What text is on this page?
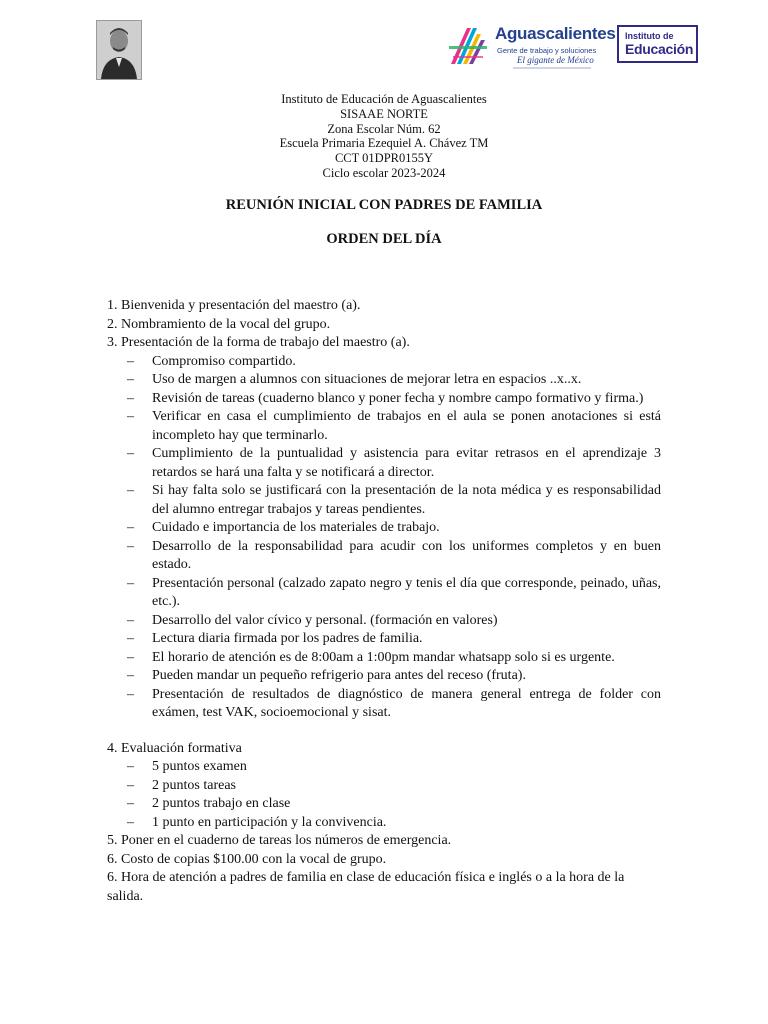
Aguascalientes
Gente de trabajo y soluciones
El gigante de México
Instituto de
Educación
Instituto de Educación de Aguascalientes
SISAAE NORTE
Zona Escolar Núm. 62
Escuela Primaria Ezequiel A. Chávez TM
CCT 01DPR0155Y
Ciclo escolar 2023-2024
REUNIÓN INICIAL CON PADRES DE FAMILIA
ORDEN DEL DÍA

1. Bienvenida y presentación del maestro (a).

2. Nombramiento de la vocal del grupo.

3. Presentación de la forma de trabajo del maestro (a).

– Compromiso compartido.
– Uso de margen a alumnos con situaciones de mejorar letra en espacios ..x..x.
– Revisión de tareas (cuaderno blanco y poner fecha y nombre campo formativo y firma.)
– Verificar en casa el cumplimiento de trabajos en el aula se ponen anotaciones si está incompleto hay que terminarlo.
– Cumplimiento de la puntualidad y asistencia para evitar retrasos en el aprendizaje 3 retardos se hará una falta y se notificará a director.
– Si hay falta solo se justificará con la presentación de la nota médica y es responsabilidad del alumno entregar trabajos y tareas pendientes.
– Cuidado e importancia de los materiales de trabajo.
– Desarrollo de la responsabilidad para acudir con los uniformes completos y en buen estado.
– Presentación personal (calzado zapato negro y tenis el día que corresponde, peinado, uñas, etc.).
– Desarrollo del valor cívico y personal. (formación en valores)
– Lectura diaria firmada por los padres de familia.
– El horario de atención es de 8:00am a 1:00pm mandar whatsapp solo si es urgente.
– Pueden mandar un pequeño refrigerio para antes del receso (fruta).
– Presentación de resultados de diagnóstico de manera general entrega de folder con exámen, test VAK, socioemocional y sisat.

4. Evaluación formativa

– 5 puntos examen
– 2 puntos tareas
– 2 puntos trabajo en clase
– 1 punto en participación y la convivencia.

5. Poner en el cuaderno de tareas los números de emergencia.

6. Costo de copias $100.00 con la vocal de grupo.

6. Hora de atención a padres de familia en clase de educación física e inglés o a la hora de la salida.
